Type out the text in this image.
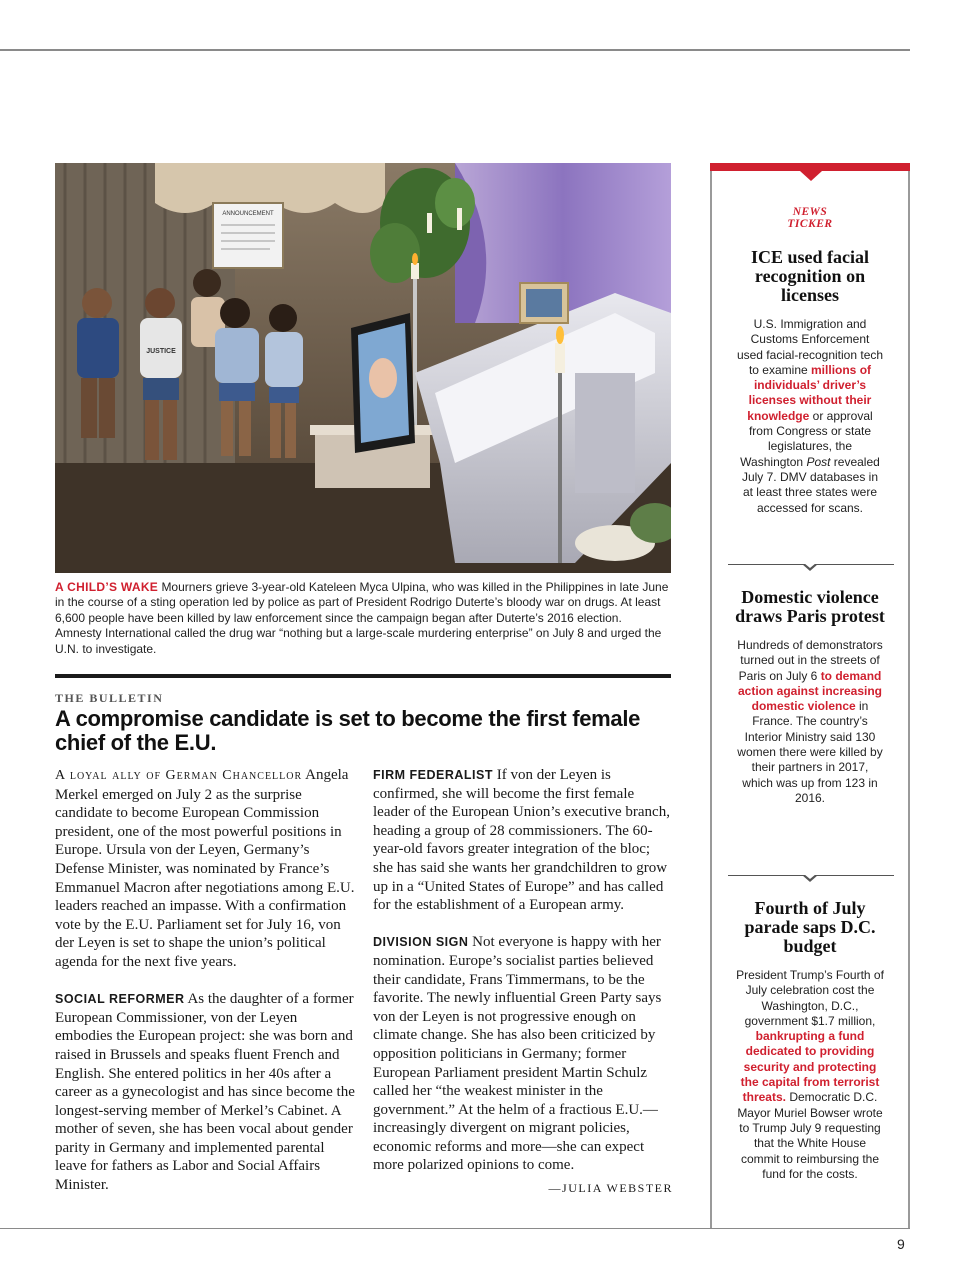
ANNOUNCEMENT
JUSTICE
A CHILD’S WAKE Mourners grieve 3-year-old Kateleen Myca Ulpina, who was killed in the Philippines in late June in the course of a sting operation led by police as part of President Rodrigo Duterte’s bloody war on drugs. At least 6,600 people have been killed by law enforcement since the campaign began after Duterte’s 2016 election. Amnesty International called the drug war “nothing but a large-scale murdering enterprise” on July 8 and urged the U.N. to investigate.
THE BULLETIN
A compromise candidate is set to become the first female chief of the E.U.

A loyal ally of German Chancellor Angela Merkel emerged on July 2 as the surprise candidate to become European Commission president, one of the most powerful positions in Europe. Ursula von der Leyen, Germany’s Defense Minister, was nominated by France’s Emmanuel Macron after negotiations among E.U. leaders reached an impasse. With a confirmation vote by the E.U. Parliament set for July 16, von der Leyen is set to shape the union’s political agenda for the next five years.

SOCIAL REFORMER As the daughter of a former European Commissioner, von der Leyen embodies the European project: she was born and raised in Brussels and speaks fluent French and English. She entered politics in her 40s after a career as a gynecologist and has since become the longest-serving member of Merkel’s Cabinet. A mother of seven, she has been vocal about gender parity in Germany and implemented parental leave for fathers as Labor and Social Affairs Minister.

FIRM FEDERALIST If von der Leyen is confirmed, she will become the first female leader of the European Union’s executive branch, heading a group of 28 commissioners. The 60-year-old favors greater integration of the bloc; she has said she wants her grandchildren to grow up in a “United States of Europe” and has called for the establishment of a European army.

DIVISION SIGN Not everyone is happy with her nomination. Europe’s socialist parties believed their candidate, Frans Timmermans, to be the favorite. The newly influential Green Party says von der Leyen is not progressive enough on climate change. She has also been criticized by opposition politicians in Germany; former European Parliament president Martin Schulz called her “the weakest minister in the government.” At the helm of a fractious E.U.—increasingly divergent on migrant policies, economic reforms and more—she can expect more polarized opinions to come.

—JULIA WEBSTER
NEWS
TICKER
ICE used facial recognition on licenses
U.S. Immigration and Customs Enforcement used facial-recognition tech to examine millions of individuals’ driver’s licenses without their knowledge or approval from Congress or state legislatures, the Washington Post revealed July 7. DMV databases in at least three states were accessed for scans.
Domestic violence draws Paris protest
Hundreds of demonstrators turned out in the streets of Paris on July 6 to demand action against increasing domestic violence in France. The country’s Interior Ministry said 130 women there were killed by their partners in 2017, which was up from 123 in 2016.
Fourth of July parade saps D.C. budget
President Trump’s Fourth of July celebration cost the Washington, D.C., government $1.7 million, bankrupting a fund dedicated to providing security and protecting the capital from terrorist threats. Democratic D.C. Mayor Muriel Bowser wrote to Trump July 9 requesting that the White House commit to reimbursing the fund for the costs.
9
